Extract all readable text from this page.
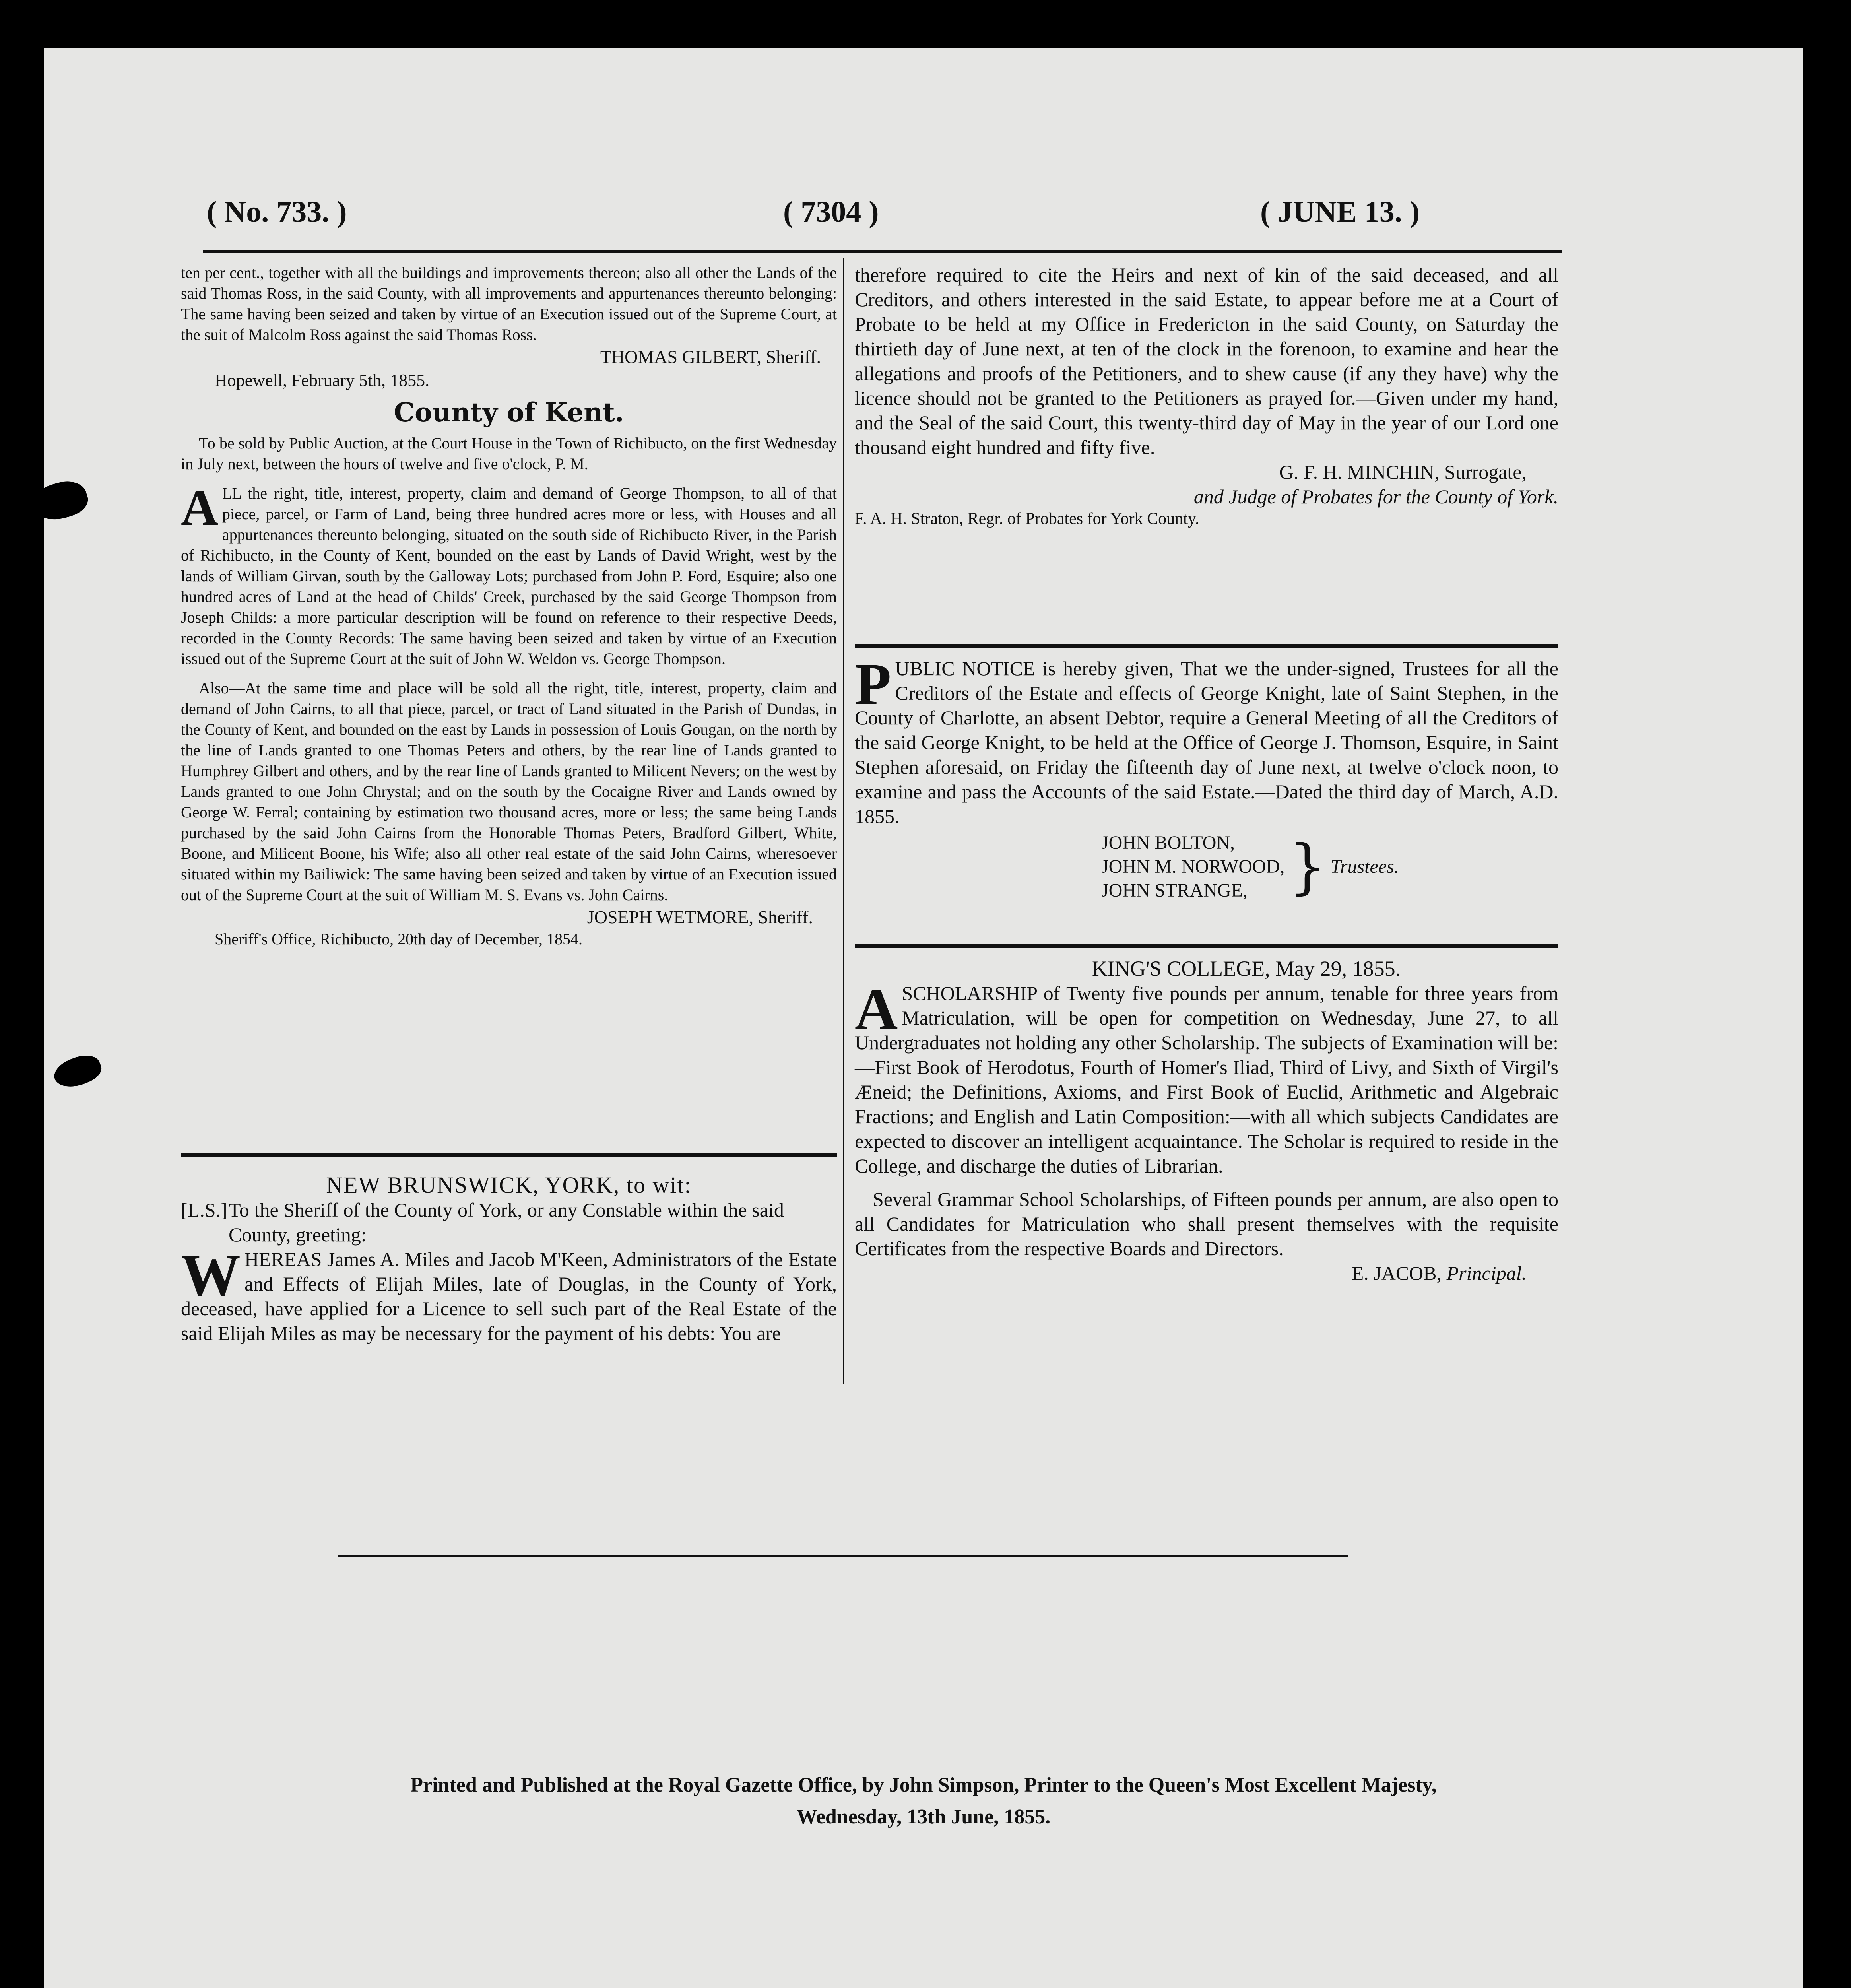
( No. 733. )	( 7304 )	( JUNE 13. )

ten per cent., together with all the buildings and improvements thereon; also all other the Lands of the said Thomas Ross, in the said County, with all improvements and appurtenances thereunto belonging: The same having been seized and taken by virtue of an Execution issued out of the Supreme Court, at the suit of Malcolm Ross against the said Thomas Ross.

THOMAS GILBERT, Sheriff.

Hopewell, February 5th, 1855.

County of Kent.

To be sold by Public Auction, at the Court House in the Town of Richibucto, on the first Wednesday in July next, between the hours of twelve and five o'clock, P. M.

ALL the right, title, interest, property, claim and demand of George Thompson, to all of that piece, parcel, or Farm of Land, being three hundred acres more or less, with Houses and all appurtenances thereunto belonging, situated on the south side of Richibucto River, in the Parish of Richibucto, in the County of Kent, bounded on the east by Lands of David Wright, west by the lands of William Girvan, south by the Galloway Lots; purchased from John P. Ford, Esquire; also one hundred acres of Land at the head of Childs' Creek, purchased by the said George Thompson from Joseph Childs: a more particular description will be found on reference to their respective Deeds, recorded in the County Records: The same having been seized and taken by virtue of an Execution issued out of the Supreme Court at the suit of John W. Weldon vs. George Thompson.

Also—At the same time and place will be sold all the right, title, interest, property, claim and demand of John Cairns, to all that piece, parcel, or tract of Land situated in the Parish of Dundas, in the County of Kent, and bounded on the east by Lands in possession of Louis Gougan, on the north by the line of Lands granted to one Thomas Peters and others, by the rear line of Lands granted to Humphrey Gilbert and others, and by the rear line of Lands granted to Milicent Nevers; on the west by Lands granted to one John Chrystal; and on the south by the Cocaigne River and Lands owned by George W. Ferral; containing by estimation two thousand acres, more or less; the same being Lands purchased by the said John Cairns from the Honorable Thomas Peters, Bradford Gilbert, White, Boone, and Milicent Boone, his Wife; also all other real estate of the said John Cairns, wheresoever situated within my Bailiwick: The same having been seized and taken by virtue of an Execution issued out of the Supreme Court at the suit of William M. S. Evans vs. John Cairns.

JOSEPH WETMORE, Sheriff.

Sheriff's Office, Richibucto, 20th day of December, 1854.

NEW BRUNSWICK, YORK, to wit:

[L.S.] To the Sheriff of the County of York, or any Constable within the said County, greeting:

WHEREAS James A. Miles and Jacob M'Keen, Administrators of the Estate and Effects of Elijah Miles, late of Douglas, in the County of York, deceased, have applied for a Licence to sell such part of the Real Estate of the said Elijah Miles as may be necessary for the payment of his debts: You are

therefore required to cite the Heirs and next of kin of the said deceased, and all Creditors, and others interested in the said Estate, to appear before me at a Court of Probate to be held at my Office in Fredericton in the said County, on Saturday the thirtieth day of June next, at ten of the clock in the forenoon, to examine and hear the allegations and proofs of the Petitioners, and to shew cause (if any they have) why the licence should not be granted to the Petitioners as prayed for.—Given under my hand, and the Seal of the said Court, this twenty-third day of May in the year of our Lord one thousand eight hundred and fifty five.

G. F. H. MINCHIN, Surrogate,

and Judge of Probates for the County of York.

F. A. H. Straton, Regr. of Probates for York County.

PUBLIC NOTICE is hereby given, That we the under-signed, Trustees for all the Creditors of the Estate and effects of George Knight, late of Saint Stephen, in the County of Charlotte, an absent Debtor, require a General Meeting of all the Creditors of the said George Knight, to be held at the Office of George J. Thomson, Esquire, in Saint Stephen aforesaid, on Friday the fifteenth day of June next, at twelve o'clock noon, to examine and pass the Accounts of the said Estate.—Dated the third day of March, A.D. 1855.

JOHN BOLTON,
JOHN M. NORWOOD,
JOHN STRANGE, } Trustees.

KING'S COLLEGE, May 29, 1855.

ASCHOLARSHIP of Twenty five pounds per annum, tenable for three years from Matriculation, will be open for competition on Wednesday, June 27, to all Undergraduates not holding any other Scholarship. The subjects of Examination will be:—First Book of Herodotus, Fourth of Homer's Iliad, Third of Livy, and Sixth of Virgil's Æneid; the Definitions, Axioms, and First Book of Euclid, Arithmetic and Algebraic Fractions; and English and Latin Composition:—with all which subjects Candidates are expected to discover an intelligent acquaintance. The Scholar is required to reside in the College, and discharge the duties of Librarian.

Several Grammar School Scholarships, of Fifteen pounds per annum, are also open to all Candidates for Matriculation who shall present themselves with the requisite Certificates from the respective Boards and Directors.

E. JACOB, Principal.

Printed and Published at the Royal Gazette Office, by John Simpson, Printer to the Queen's Most Excellent Majesty,

Wednesday, 13th June, 1855.
